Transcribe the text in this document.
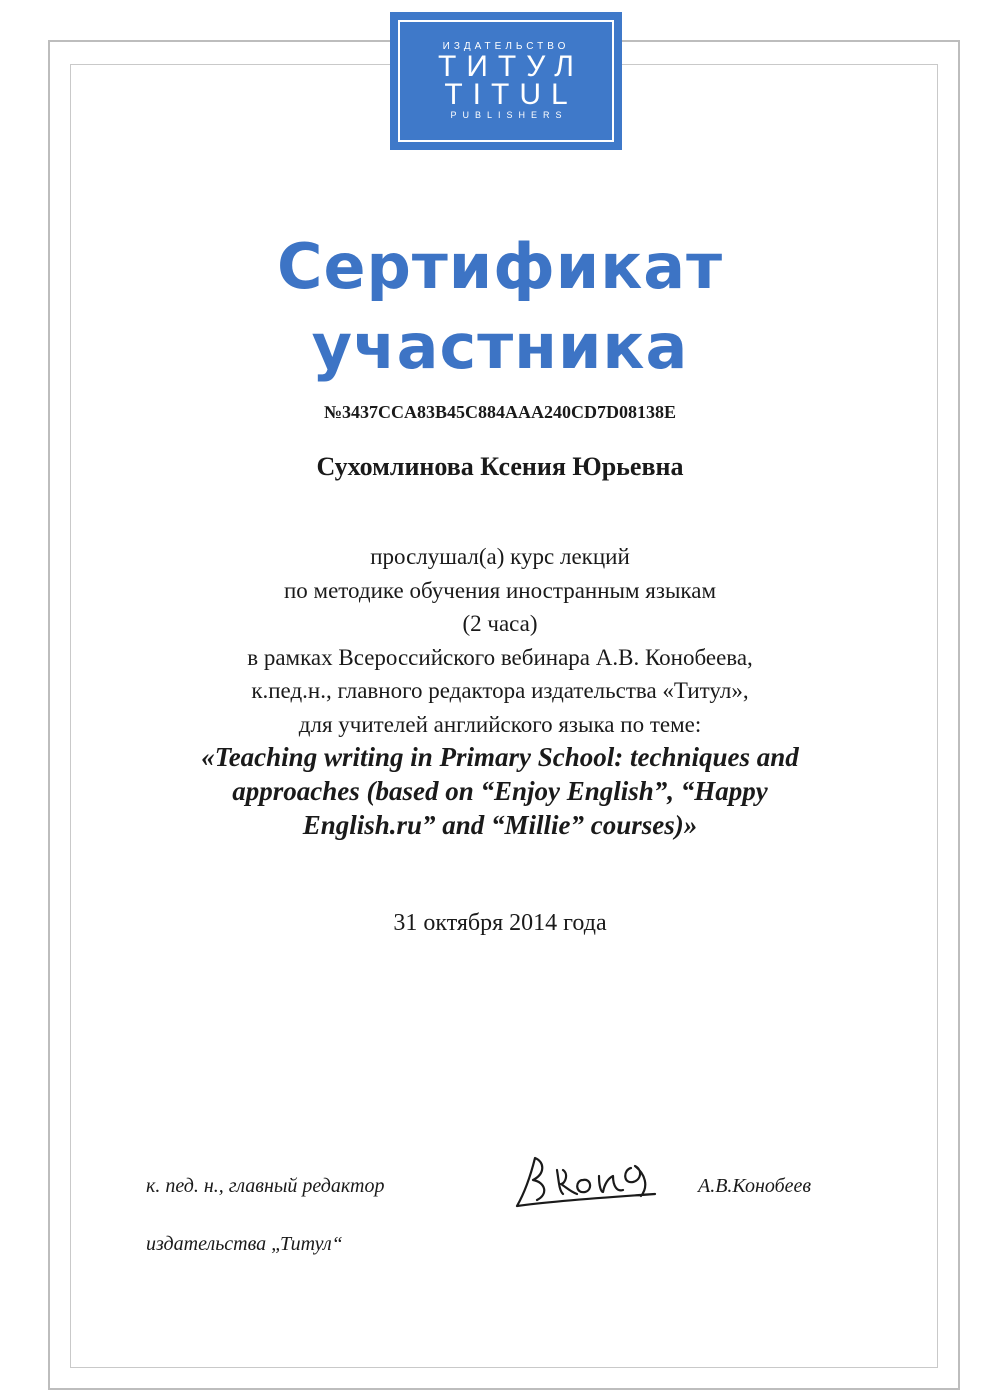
ИЗДАТЕЛЬСТВО
ТИТУЛ
TITUL
PUBLISHERS
Сертификат
участника
№3437CCA83B45C884AAA240CD7D08138E
Сухомлинова Ксения Юрьевна
прослушал(а) курс лекций
по методике обучения иностранным языкам
(2 часа)
в рамках Всероссийского вебинара А.В. Конобеева,
к.пед.н., главного редактора издательства «Титул»,
для учителей английского языка по теме:
«Teaching writing in Primary School: techniques and
approaches (based on “Enjoy English”, “Happy
English.ru” and “Millie” courses)»
31 октября 2014 года
к. пед. н., главный редактор
издательства „Титул“
А.В.Конобеев
